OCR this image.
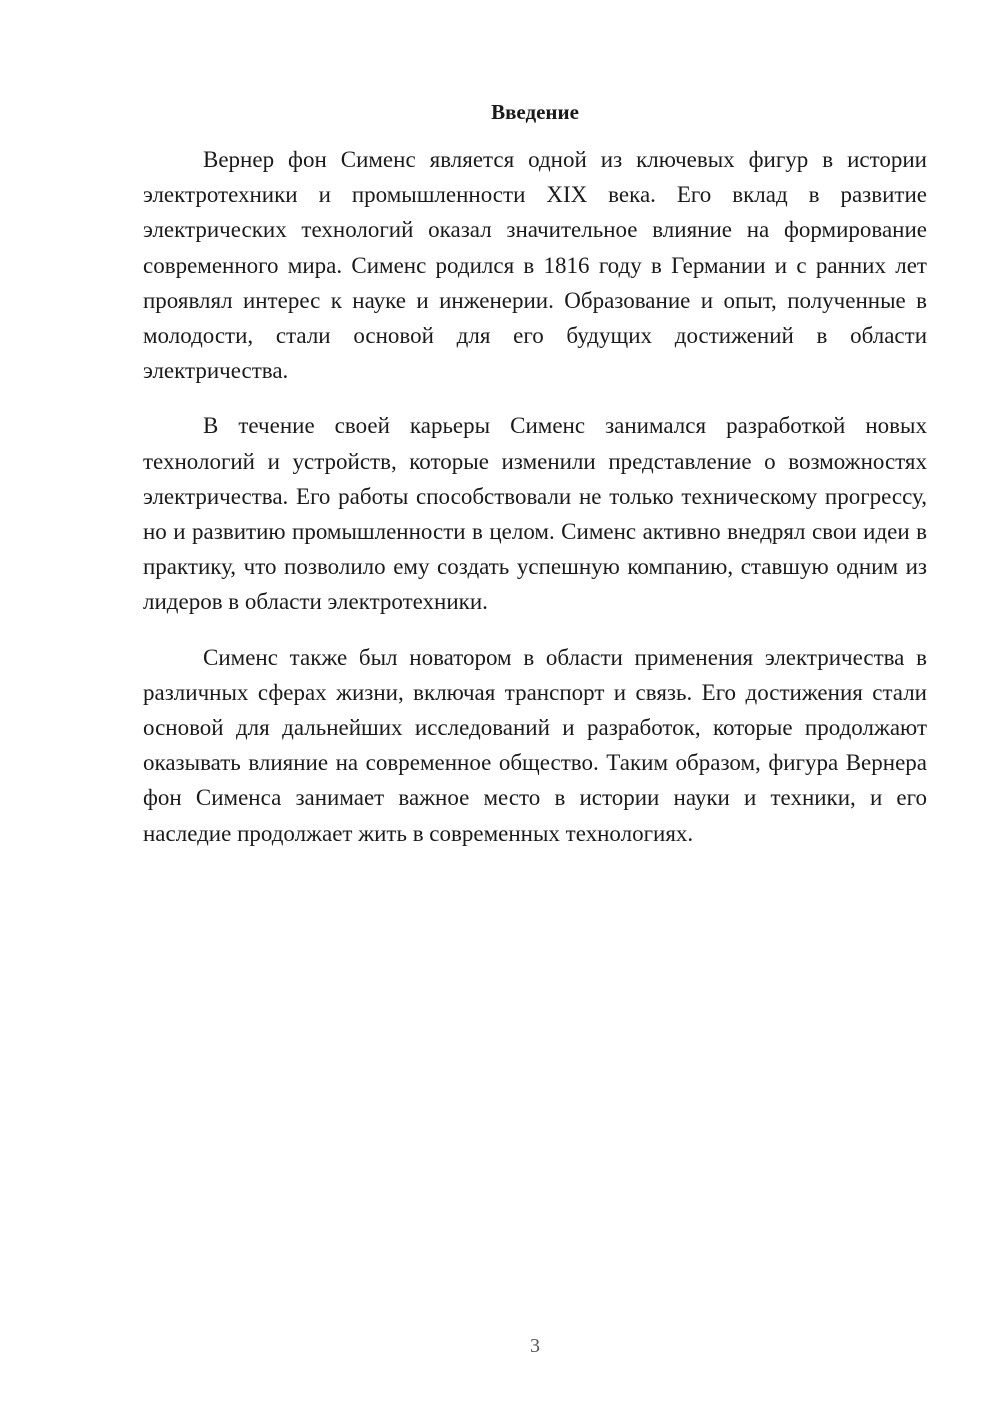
Введение

Вернер фон Сименс является одной из ключевых фигур в истории электротехники и промышленности XIX века. Его вклад в развитие электрических технологий оказал значительное влияние на формирование современного мира. Сименс родился в 1816 году в Германии и с ранних лет проявлял интерес к науке и инженерии. Образование и опыт, полученные в молодости, стали основой для его будущих достижений в области электричества.

В течение своей карьеры Сименс занимался разработкой новых технологий и устройств, которые изменили представление о возможностях электричества. Его работы способствовали не только техническому прогрессу, но и развитию промышленности в целом. Сименс активно внедрял свои идеи в практику, что позволило ему создать успешную компанию, ставшую одним из лидеров в области электротехники.

Сименс также был новатором в области применения электричества в различных сферах жизни, включая транспорт и связь. Его достижения стали основой для дальнейших исследований и разработок, которые продолжают оказывать влияние на современное общество. Таким образом, фигура Вернера фон Сименса занимает важное место в истории науки и техники, и его наследие продолжает жить в современных технологиях.

3
